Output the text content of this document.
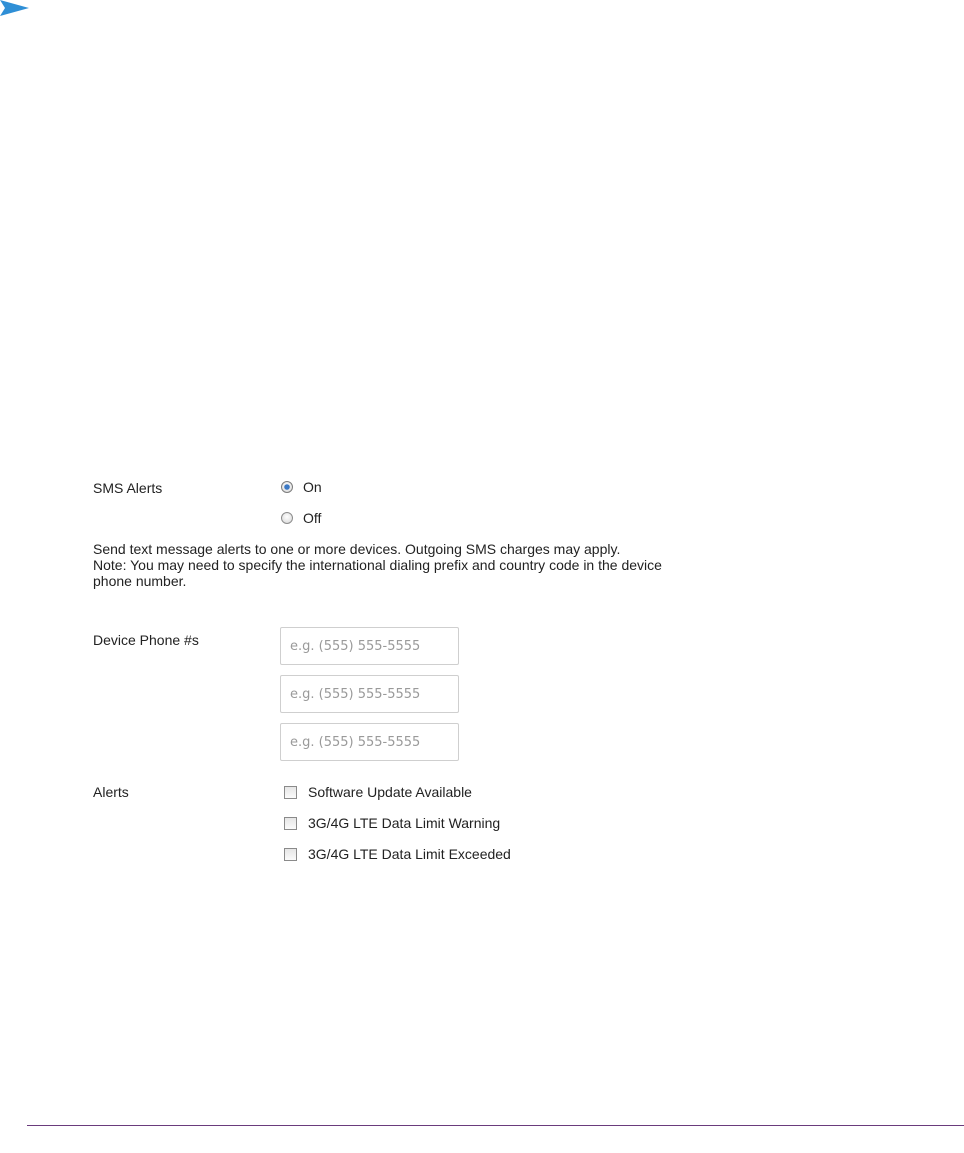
SMS Alerts	On
Off
Send text message alerts to one or more devices. Outgoing SMS charges may apply.
Note: You may need to specify the international dialing prefix and country code in the device
phone number.
Device Phone #s
e.g. (555) 555-5555
e.g. (555) 555-5555
e.g. (555) 555-5555
Alerts	Software Update Available
3G/4G LTE Data Limit Warning
3G/4G LTE Data Limit Exceeded
